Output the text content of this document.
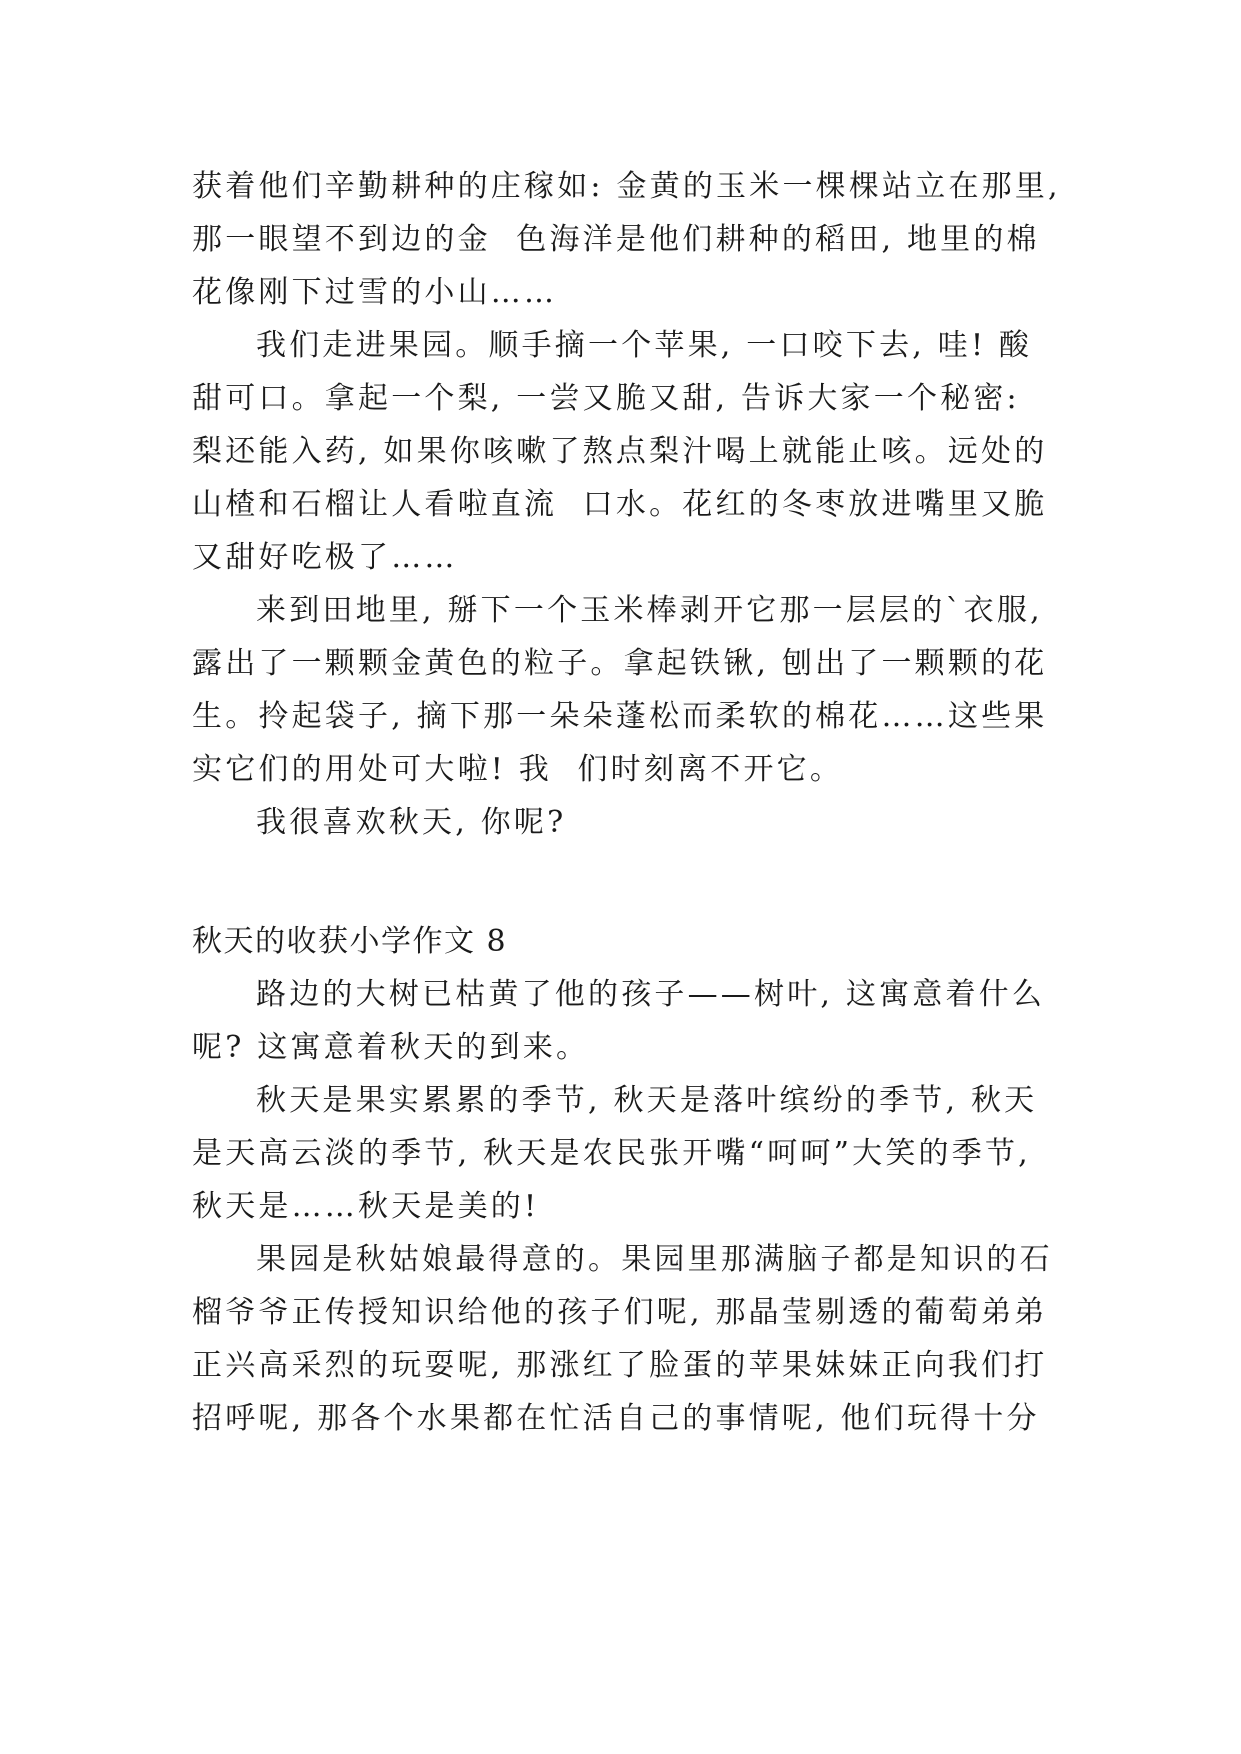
获着他们辛勤耕种的庄稼如: 金黄的玉米一棵棵站立在那里,
那一眼望不到边的金  色海洋是他们耕种的稻田, 地里的棉
花像刚下过雪的小山……
我们走进果园。顺手摘一个苹果, 一口咬下去, 哇! 酸
甜可口。拿起一个梨, 一尝又脆又甜, 告诉大家一个秘密:
梨还能入药, 如果你咳嗽了熬点梨汁喝上就能止咳。远处的
山楂和石榴让人看啦直流  口水。花红的冬枣放进嘴里又脆
又甜好吃极了……
来到田地里, 掰下一个玉米棒剥开它那一层层的`衣服,
露出了一颗颗金黄色的粒子。拿起铁锹, 刨出了一颗颗的花
生。拎起袋子, 摘下那一朵朵蓬松而柔软的棉花……这些果
实它们的用处可大啦! 我  们时刻离不开它。
我很喜欢秋天, 你呢?
秋天的收获小学作文 8
路边的大树已枯黄了他的孩子——树叶, 这寓意着什么
呢? 这寓意着秋天的到来。
秋天是果实累累的季节, 秋天是落叶缤纷的季节, 秋天
是天高云淡的季节, 秋天是农民张开嘴“呵呵”大笑的季节,
秋天是……秋天是美的!
果园是秋姑娘最得意的。果园里那满脑子都是知识的石
榴爷爷正传授知识给他的孩子们呢, 那晶莹剔透的葡萄弟弟
正兴高采烈的玩耍呢, 那涨红了脸蛋的苹果妹妹正向我们打
招呼呢, 那各个水果都在忙活自己的事情呢, 他们玩得十分
